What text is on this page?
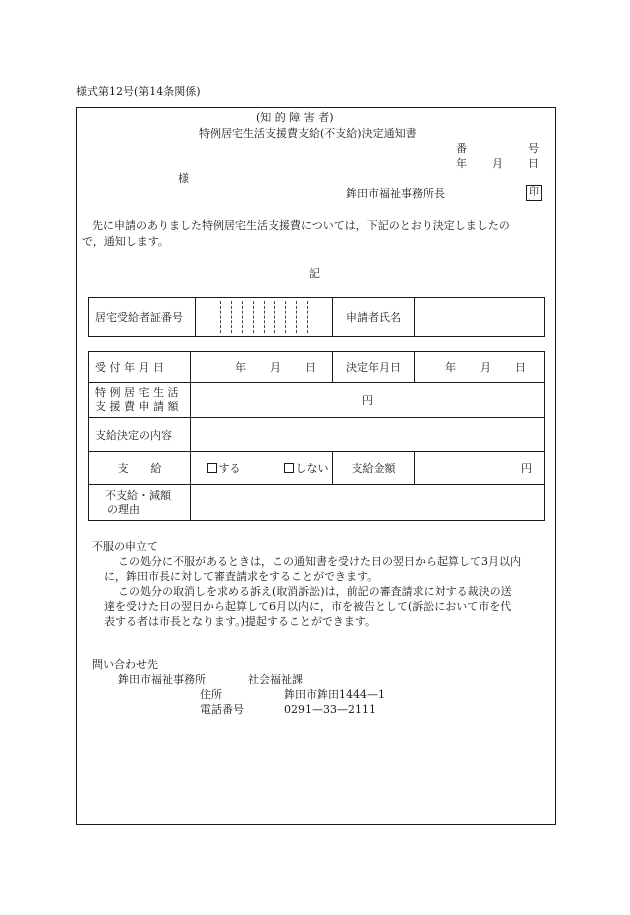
様式第12号(第14条関係)
(知 的 障 害 者)
特例居宅生活支援費支給(不支給)決定通知書
番	号
年 月 日
様
鉾田市福祉事務所長	印
先に申請のありました特例居宅生活支援費については，下記のとおり決定しましたの
で，通知します。
記
居宅受給者証番号		申請者氏名	
受 付 年 月 日	年 月 日	決定年月日	年 月 日

特 例 居 宅 生 活
支 援 費 申 請 額	円		
支給決定の内容			
支　　給	する しない	支給金額	円

不支給・減額
の理由			

不服の申立て
この処分に不服があるときは，この通知書を受けた日の翌日から起算して3月以内
に，鉾田市長に対して審査請求をすることができます。
この処分の取消しを求める訴え(取消訴訟)は，前記の審査請求に対する裁決の送
達を受けた日の翌日から起算して6月以内に，市を被告として(訴訟において市を代
表する者は市長となります。)提起することができます。
問い合わせ先
鉾田市福祉事務所	社会福祉課
住所	鉾田市鉾田1444—1
電話番号	0291—33—2111
